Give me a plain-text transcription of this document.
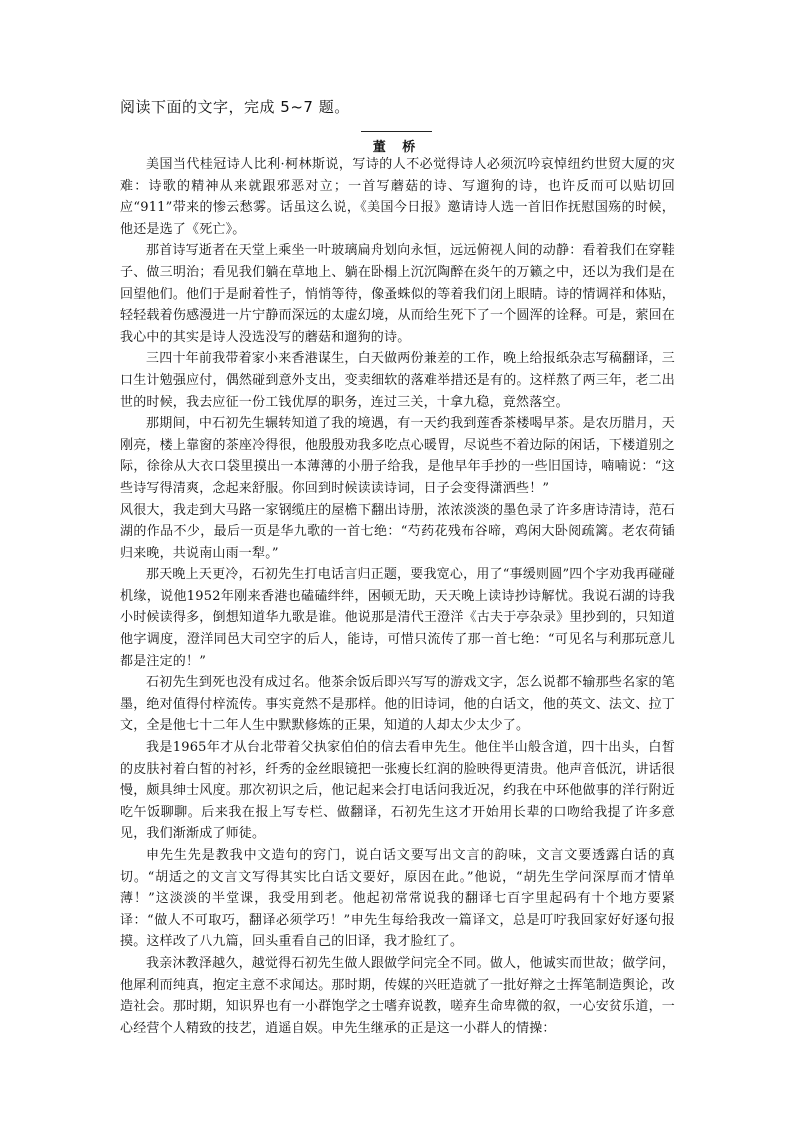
阅读下面的文字，完成 5~7 题。
董 桥

美国当代桂冠诗人比利·柯林斯说，写诗的人不必觉得诗人必须沉吟哀悼纽约世贸大厦的灾难：诗歌的精神从来就跟邪恶对立；一首写蘑菇的诗、写遛狗的诗，也许反而可以贴切回应“911”带来的惨云愁雾。话虽这么说，《美国今日报》邀请诗人选一首旧作抚慰国殇的时候，他还是选了《死亡》。

那首诗写逝者在天堂上乘坐一叶玻璃扁舟划向永恒，远远俯视人间的动静：看着我们在穿鞋子、做三明治；看见我们躺在草地上、躺在卧榻上沉沉陶醉在炎午的万籁之中，还以为我们是在回望他们。他们于是耐着性子，悄悄等待，像蚤蛛似的等着我们闭上眼睛。诗的情调祥和体贴，轻轻载着伤感漫进一片宁静而深远的太虚幻境，从而给生死下了一个圆浑的诠释。可是，萦回在我心中的其实是诗人没选没写的蘑菇和遛狗的诗。

三四十年前我带着家小来香港谋生，白天做两份兼差的工作，晚上给报纸杂志写稿翻译，三口生计勉强应付，偶然碰到意外支出，变卖细软的落难举措还是有的。这样熬了两三年，老二出世的时候，我去应征一份工钱优厚的职务，连过三关，十拿九稳，竟然落空。

那期间，中石初先生辗转知道了我的境遇，有一天约我到莲香茶楼喝早茶。是农历腊月，天刚亮，楼上靠窗的茶座冷得很，他殷殷劝我多吃点心暖胃，尽说些不着边际的闲话，下楼道别之际，徐徐从大衣口袋里摸出一本薄薄的小册子给我，是他早年手抄的一些旧国诗，喃喃说：“这些诗写得清爽，念起来舒服。你回到时候读读诗词，日子会变得潇洒些！”

风很大，我走到大马路一家钢缆庄的屋檐下翻出诗册，浓浓淡淡的墨色录了许多唐诗清诗，范石湖的作品不少，最后一页是华九歌的一首七绝：“芍药花残布谷啼，鸡闲大卧阅疏篱。老农荷锸归来晚，共说南山雨一犁。”

那天晚上天更冷，石初先生打电话言归正题，要我宽心，用了“事缓则圆”四个字劝我再碰碰机缘，说他1952年刚来香港也磕磕绊绊，困顿无助，天天晚上读诗抄诗解忧。我说石湖的诗我小时候读得多，倒想知道华九歌是谁。他说那是清代王澄洋《古夫于亭杂录》里抄到的，只知道他字调度，澄洋同邑大司空字的后人，能诗，可惜只流传了那一首七绝：“可见名与利那玩意儿都是注定的！”

石初先生到死也没有成过名。他茶余饭后即兴写写的游戏文字，怎么说都不输那些名家的笔墨，绝对值得付梓流传。事实竟然不是那样。他的旧诗词，他的白话文，他的英文、法文、拉丁文，全是他七十二年人生中默默修炼的正果，知道的人却太少太少了。

我是1965年才从台北带着父执家伯伯的信去看申先生。他住半山般含道，四十出头，白皙的皮肤衬着白皙的衬衫，纤秀的金丝眼镜把一张瘦长红润的脸映得更清贵。他声音低沉，讲话很慢，颇具绅士风度。那次初识之后，他记起来会打电话问我近况，约我在中环他做事的洋行附近吃午饭聊聊。后来我在报上写专栏、做翻译，石初先生这才开始用长辈的口吻给我提了许多意见，我们渐渐成了师徒。

申先生先是教我中文造句的窍门，说白话文要写出文言的韵味，文言文要透露白话的真切。“胡适之的文言文写得其实比白话文要好，原因在此。”他说，“胡先生学问深厚而才情单薄！”这淡淡的半堂课，我受用到老。他起初常常说我的翻译七百字里起码有十个地方要紧译：“做人不可取巧，翻译必须学巧！”申先生每给我改一篇译文，总是叮咛我回家好好逐句报摸。这样改了八九篇，回头重看自己的旧译，我才脸红了。

我亲沐教泽越久，越觉得石初先生做人跟做学问完全不同。做人，他诚实而世故；做学问，他犀利而纯真，抱定主意不求闻达。那时期，传媒的兴旺造就了一批好辩之士挥笔制造舆论，改造社会。那时期，知识界也有一小群饱学之士嗜弃说教，嗟弃生命卑微的叙，一心安贫乐道，一心经营个人精致的技艺，逍遥自娱。申先生继承的正是这一小群人的情操：
